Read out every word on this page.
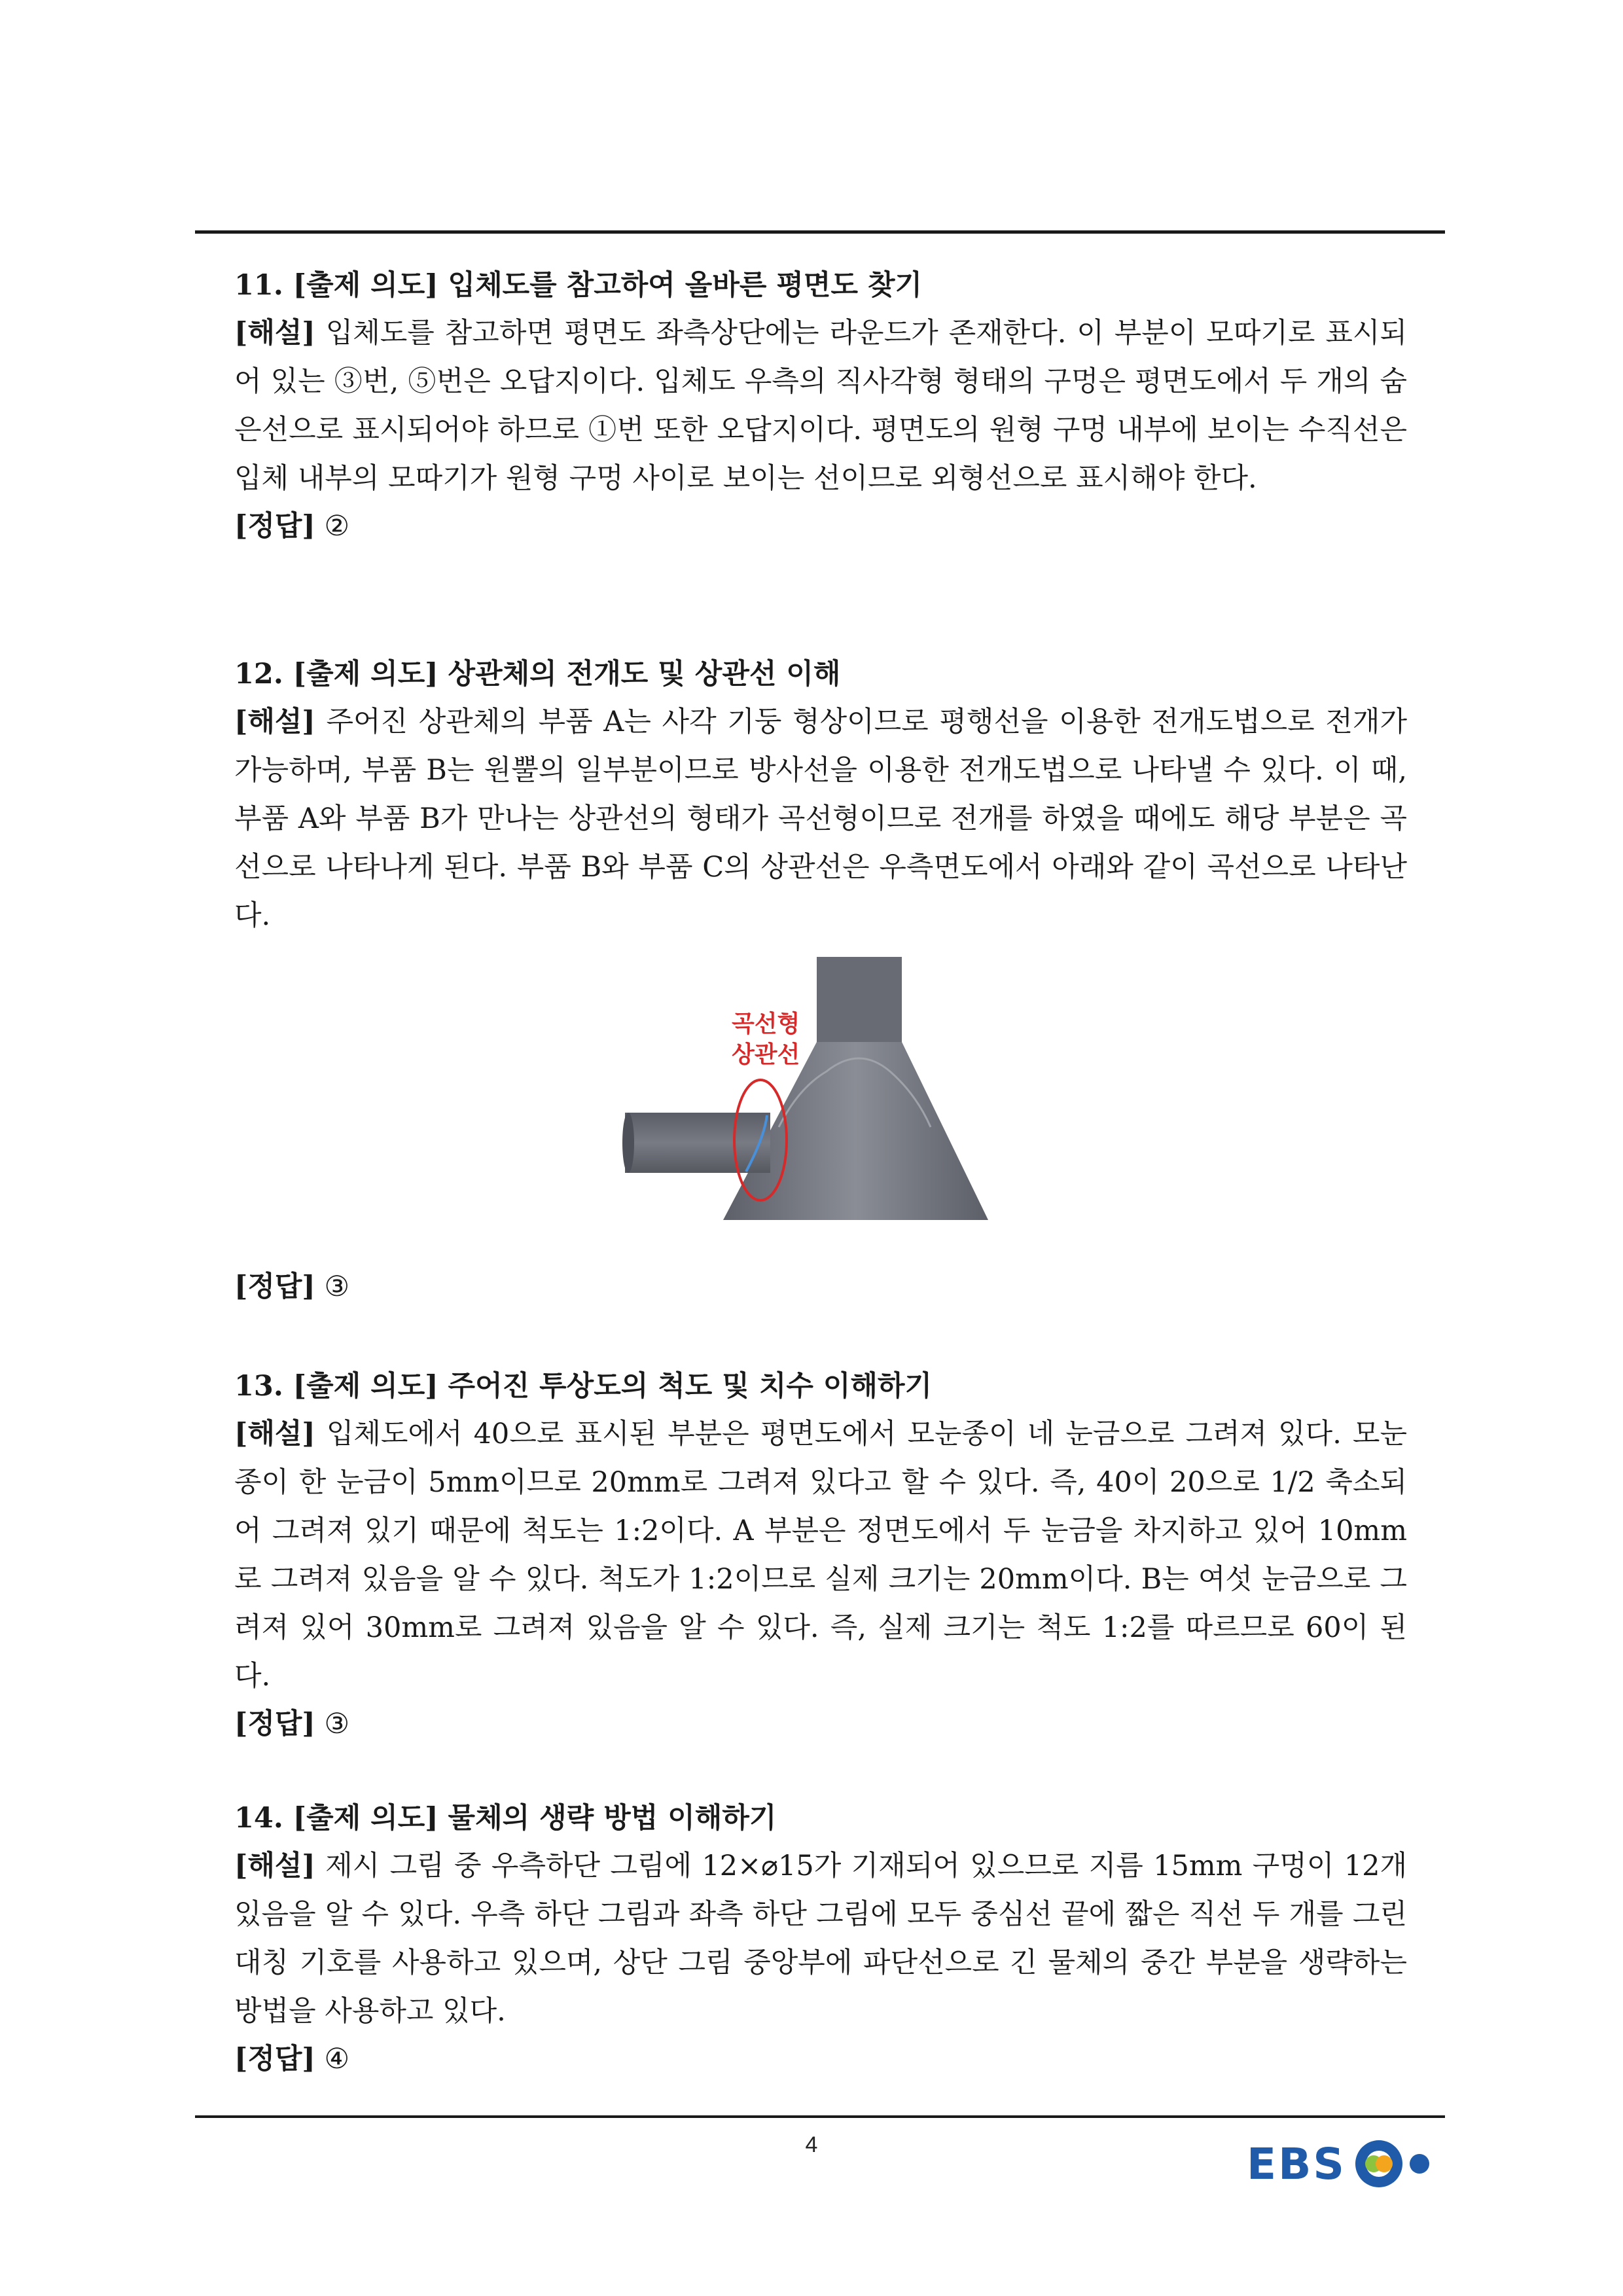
11. [출제 의도] 입체도를 참고하여 올바른 평면도 찾기
[해설] 입체도를 참고하면 평면도 좌측상단에는 라운드가 존재한다. 이 부분이 모따기로 표시되어 있는 ③번, ⑤번은 오답지이다. 입체도 우측의 직사각형 형태의 구멍은 평면도에서 두 개의 숨은선으로 표시되어야 하므로 ①번 또한 오답지이다. 평면도의 원형 구멍 내부에 보이는 수직선은 입체 내부의 모따기가 원형 구멍 사이로 보이는 선이므로 외형선으로 표시해야 한다.
[정답] ②
12. [출제 의도] 상관체의 전개도 및 상관선 이해
[해설] 주어진 상관체의 부품 A는 사각 기둥 형상이므로 평행선을 이용한 전개도법으로 전개가 가능하며, 부품 B는 원뿔의 일부분이므로 방사선을 이용한 전개도법으로 나타낼 수 있다. 이 때, 부품 A와 부품 B가 만나는 상관선의 형태가 곡선형이므로 전개를 하였을 때에도 해당 부분은 곡선으로 나타나게 된다. 부품 B와 부품 C의 상관선은 우측면도에서 아래와 같이 곡선으로 나타난다.
곡선형
상관선
[정답] ③
13. [출제 의도] 주어진 투상도의 척도 및 치수 이해하기
[해설] 입체도에서 40으로 표시된 부분은 평면도에서 모눈종이 네 눈금으로 그려져 있다. 모눈종이 한 눈금이 5mm이므로 20mm로 그려져 있다고 할 수 있다. 즉, 40이 20으로 1/2 축소되어 그려져 있기 때문에 척도는 1:2이다. A 부분은 정면도에서 두 눈금을 차지하고 있어 10mm로 그려져 있음을 알 수 있다. 척도가 1:2이므로 실제 크기는 20mm이다. B는 여섯 눈금으로 그려져 있어 30mm로 그려져 있음을 알 수 있다. 즉, 실제 크기는 척도 1:2를 따르므로 60이 된다.
[정답] ③
14. [출제 의도] 물체의 생략 방법 이해하기
[해설] 제시 그림 중 우측하단 그림에 12×⌀15가 기재되어 있으므로 지름 15mm 구멍이 12개 있음을 알 수 있다. 우측 하단 그림과 좌측 하단 그림에 모두 중심선 끝에 짧은 직선 두 개를 그린 대칭 기호를 사용하고 있으며, 상단 그림 중앙부에 파단선으로 긴 물체의 중간 부분을 생략하는 방법을 사용하고 있다.
[정답] ④
4	EBS
